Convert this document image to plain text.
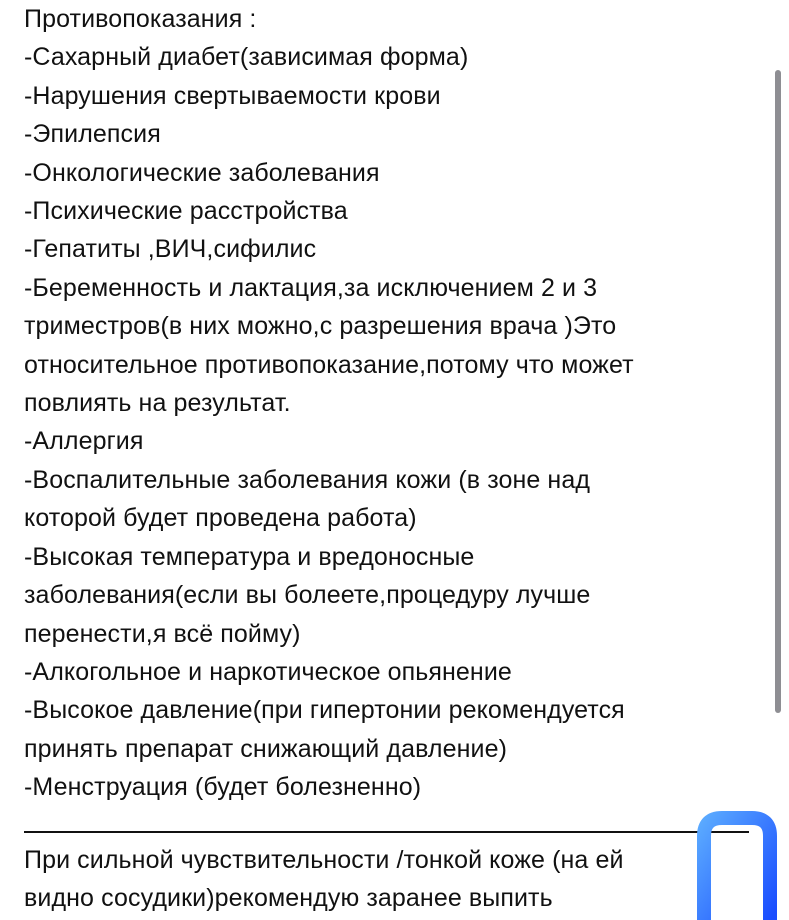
Противопоказания :
-Сахарный диабет(зависимая форма)
-Нарушения свертываемости крови
-Эпилепсия
-Онкологические заболевания
-Психические расстройства
-Гепатиты ,ВИЧ,сифилис
-Беременность и лактация,за исключением 2 и 3
триместров(в них можно,с разрешения врача )Это
относительное противопоказание,потому что может
повлиять на результат.
-Аллергия
-Воспалительные заболевания кожи (в зоне над
которой будет проведена работа)
-Высокая температура и вредоносные
заболевания(если вы болеете,процедуру лучше
перенести,я всё пойму)
-Алкогольное и наркотическое опьянение
-Высокое давление(при гипертонии рекомендуется
принять препарат снижающий давление)
-Менструация (будет болезненно)
При сильной чувствительности /тонкой коже (на ей
видно сосудики)рекомендую заранее выпить
